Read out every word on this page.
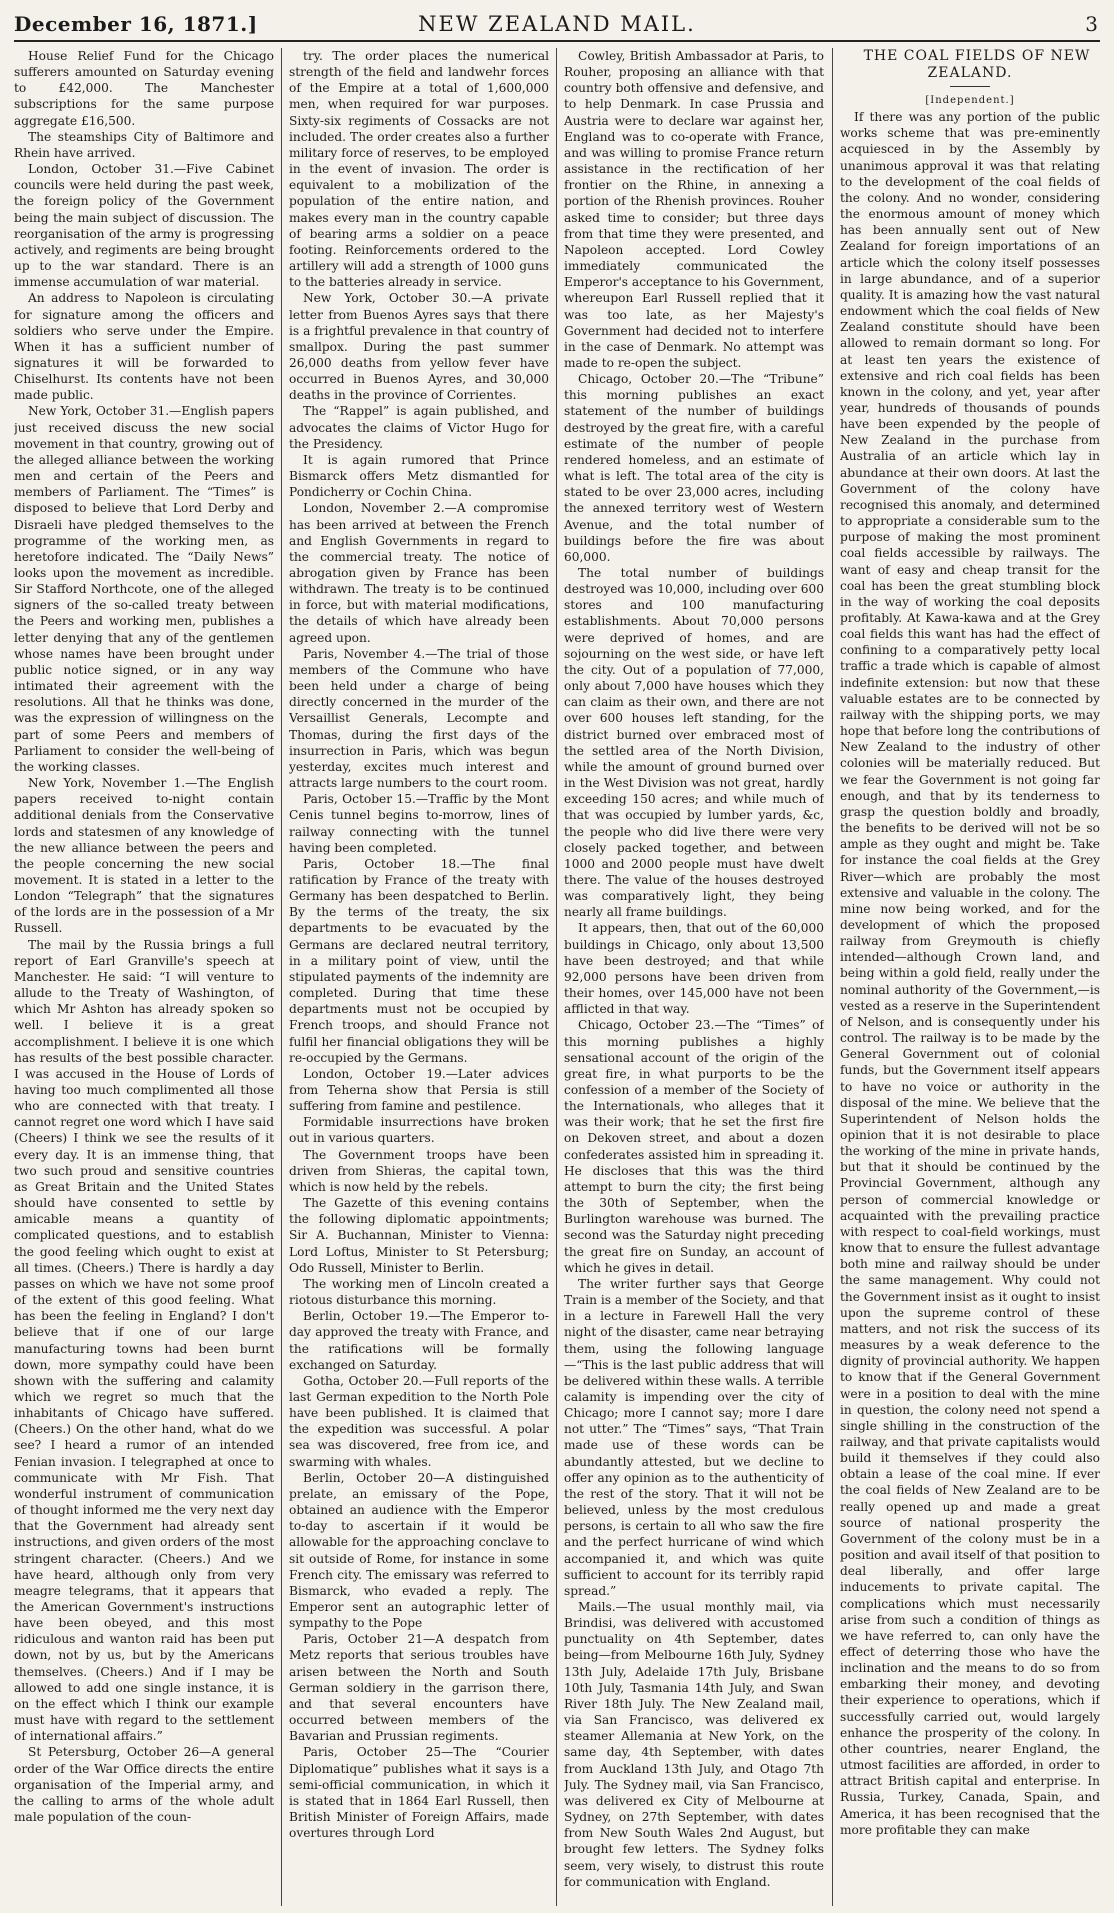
December 16, 1871.]	NEW ZEALAND MAIL.	3

House Relief Fund for the Chicago sufferers amounted on Saturday evening to £42,000. The Manchester subscriptions for the same purpose aggregate £16,500.

The steamships City of Baltimore and Rhein have arrived.

London, October 31.—Five Cabinet councils were held during the past week, the foreign policy of the Government being the main subject of discussion. The reorganisation of the army is progressing actively, and regiments are being brought up to the war standard. There is an immense accumulation of war material.

An address to Napoleon is circulating for signature among the officers and soldiers who serve under the Empire. When it has a sufficient number of signatures it will be forwarded to Chiselhurst. Its contents have not been made public.

New York, October 31.—English papers just received discuss the new social movement in that country, growing out of the alleged alliance between the working men and certain of the Peers and members of Parliament. The “Times” is disposed to believe that Lord Derby and Disraeli have pledged themselves to the programme of the working men, as heretofore indicated. The “Daily News” looks upon the movement as incredible. Sir Stafford Northcote, one of the alleged signers of the so-called treaty between the Peers and working men, publishes a letter denying that any of the gentlemen whose names have been brought under public notice signed, or in any way intimated their agreement with the resolutions. All that he thinks was done, was the expression of willingness on the part of some Peers and members of Parliament to consider the well-being of the working classes.

New York, November 1.—The English papers received to-night contain additional denials from the Conservative lords and statesmen of any knowledge of the new alliance between the peers and the people concerning the new social movement. It is stated in a letter to the London “Telegraph” that the signatures of the lords are in the possession of a Mr Russell.

The mail by the Russia brings a full report of Earl Granville's speech at Manchester. He said: “I will venture to allude to the Treaty of Washington, of which Mr Ashton has already spoken so well. I believe it is a great accomplishment. I believe it is one which has results of the best possible character. I was accused in the House of Lords of having too much complimented all those who are connected with that treaty. I cannot regret one word which I have said (Cheers) I think we see the results of it every day. It is an immense thing, that two such proud and sensitive countries as Great Britain and the United States should have consented to settle by amicable means a quantity of complicated questions, and to establish the good feeling which ought to exist at all times. (Cheers.) There is hardly a day passes on which we have not some proof of the extent of this good feeling. What has been the feeling in England? I don't believe that if one of our large manufacturing towns had been burnt down, more sympathy could have been shown with the suffering and calamity which we regret so much that the inhabitants of Chicago have suffered. (Cheers.) On the other hand, what do we see? I heard a rumor of an intended Fenian invasion. I telegraphed at once to communicate with Mr Fish. That wonderful instrument of communication of thought informed me the very next day that the Government had already sent instructions, and given orders of the most stringent character. (Cheers.) And we have heard, although only from very meagre telegrams, that it appears that the American Government's instructions have been obeyed, and this most ridiculous and wanton raid has been put down, not by us, but by the Americans themselves. (Cheers.) And if I may be allowed to add one single instance, it is on the effect which I think our example must have with regard to the settlement of international affairs.”

St Petersburg, October 26—A general order of the War Office directs the entire organisation of the Imperial army, and the calling to arms of the whole adult male population of the coun-

try. The order places the numerical strength of the field and landwehr forces of the Empire at a total of 1,600,000 men, when required for war purposes. Sixty-six regiments of Cossacks are not included. The order creates also a further military force of reserves, to be employed in the event of invasion. The order is equivalent to a mobilization of the population of the entire nation, and makes every man in the country capable of bearing arms a soldier on a peace footing. Reinforcements ordered to the artillery will add a strength of 1000 guns to the batteries already in service.

New York, October 30.—A private letter from Buenos Ayres says that there is a frightful prevalence in that country of smallpox. During the past summer 26,000 deaths from yellow fever have occurred in Buenos Ayres, and 30,000 deaths in the province of Corrientes.

The “Rappel” is again published, and advocates the claims of Victor Hugo for the Presidency.

It is again rumored that Prince Bismarck offers Metz dismantled for Pondicherry or Cochin China.

London, November 2.—A compromise has been arrived at between the French and English Governments in regard to the commercial treaty. The notice of abrogation given by France has been withdrawn. The treaty is to be continued in force, but with material modifications, the details of which have already been agreed upon.

Paris, November 4.—The trial of those members of the Commune who have been held under a charge of being directly concerned in the murder of the Versaillist Generals, Lecompte and Thomas, during the first days of the insurrection in Paris, which was begun yesterday, excites much interest and attracts large numbers to the court room.

Paris, October 15.—Traffic by the Mont Cenis tunnel begins to-morrow, lines of railway connecting with the tunnel having been completed.

Paris, October 18.—The final ratification by France of the treaty with Germany has been despatched to Berlin. By the terms of the treaty, the six departments to be evacuated by the Germans are declared neutral territory, in a military point of view, until the stipulated payments of the indemnity are completed. During that time these departments must not be occupied by French troops, and should France not fulfil her financial obligations they will be re-occupied by the Germans.

London, October 19.—Later advices from Teherna show that Persia is still suffering from famine and pestilence.

Formidable insurrections have broken out in various quarters.

The Government troops have been driven from Shieras, the capital town, which is now held by the rebels.

The Gazette of this evening contains the following diplomatic appointments; Sir A. Buchannan, Minister to Vienna: Lord Loftus, Minister to St Petersburg; Odo Russell, Minister to Berlin.

The working men of Lincoln created a riotous disturbance this morning.

Berlin, October 19.—The Emperor to-day approved the treaty with France, and the ratifications will be formally exchanged on Saturday.

Gotha, October 20.—Full reports of the last German expedition to the North Pole have been published. It is claimed that the expedition was successful. A polar sea was discovered, free from ice, and swarming with whales.

Berlin, October 20—A distinguished prelate, an emissary of the Pope, obtained an audience with the Emperor to-day to ascertain if it would be allowable for the approaching conclave to sit outside of Rome, for instance in some French city. The emissary was referred to Bismarck, who evaded a reply. The Emperor sent an autographic letter of sympathy to the Pope

Paris, October 21—A despatch from Metz reports that serious troubles have arisen between the North and South German soldiery in the garrison there, and that several encounters have occurred between members of the Bavarian and Prussian regiments.

Paris, October 25—The “Courier Diplomatique” publishes what it says is a semi-official communication, in which it is stated that in 1864 Earl Russell, then British Minister of Foreign Affairs, made overtures through Lord

Cowley, British Ambassador at Paris, to Rouher, proposing an alliance with that country both offensive and defensive, and to help Denmark. In case Prussia and Austria were to declare war against her, England was to co-operate with France, and was willing to promise France return assistance in the rectification of her frontier on the Rhine, in annexing a portion of the Rhenish provinces. Rouher asked time to consider; but three days from that time they were presented, and Napoleon accepted. Lord Cowley immediately communicated the Emperor's acceptance to his Government, whereupon Earl Russell replied that it was too late, as her Majesty's Government had decided not to interfere in the case of Denmark. No attempt was made to re-open the subject.

Chicago, October 20.—The “Tribune” this morning publishes an exact statement of the number of buildings destroyed by the great fire, with a careful estimate of the number of people rendered homeless, and an estimate of what is left. The total area of the city is stated to be over 23,000 acres, including the annexed territory west of Western Avenue, and the total number of buildings before the fire was about 60,000.

The total number of buildings destroyed was 10,000, including over 600 stores and 100 manufacturing establishments. About 70,000 persons were deprived of homes, and are sojourning on the west side, or have left the city. Out of a population of 77,000, only about 7,000 have houses which they can claim as their own, and there are not over 600 houses left standing, for the district burned over embraced most of the settled area of the North Division, while the amount of ground burned over in the West Division was not great, hardly exceeding 150 acres; and while much of that was occupied by lumber yards, &c, the people who did live there were very closely packed together, and between 1000 and 2000 people must have dwelt there. The value of the houses destroyed was comparatively light, they being nearly all frame buildings.

It appears, then, that out of the 60,000 buildings in Chicago, only about 13,500 have been destroyed; and that while 92,000 persons have been driven from their homes, over 145,000 have not been afflicted in that way.

Chicago, October 23.—The “Times” of this morning publishes a highly sensational account of the origin of the great fire, in what purports to be the confession of a member of the Society of the Internationals, who alleges that it was their work; that he set the first fire on Dekoven street, and about a dozen confederates assisted him in spreading it. He discloses that this was the third attempt to burn the city; the first being the 30th of September, when the Burlington warehouse was burned. The second was the Saturday night preceding the great fire on Sunday, an account of which he gives in detail.

The writer further says that George Train is a member of the Society, and that in a lecture in Farewell Hall the very night of the disaster, came near betraying them, using the following language—“This is the last public address that will be delivered within these walls. A terrible calamity is impending over the city of Chicago; more I cannot say; more I dare not utter.” The “Times” says, “That Train made use of these words can be abundantly attested, but we decline to offer any opinion as to the authenticity of the rest of the story. That it will not be believed, unless by the most credulous persons, is certain to all who saw the fire and the perfect hurricane of wind which accompanied it, and which was quite sufficient to account for its terribly rapid spread.”

Mails.—The usual monthly mail, via Brindisi, was delivered with accustomed punctuality on 4th September, dates being—from Melbourne 16th July, Sydney 13th July, Adelaide 17th July, Brisbane 10th July, Tasmania 14th July, and Swan River 18th July. The New Zealand mail, via San Francisco, was delivered ex steamer Allemania at New York, on the same day, 4th September, with dates from Auckland 13th July, and Otago 7th July. The Sydney mail, via San Francisco, was delivered ex City of Melbourne at Sydney, on 27th September, with dates from New South Wales 2nd August, but brought few letters. The Sydney folks seem, very wisely, to distrust this route for communication with England.

THE COAL FIELDS OF NEW ZEALAND.

[Independent.]

If there was any portion of the public works scheme that was pre-eminently acquiesced in by the Assembly by unanimous approval it was that relating to the development of the coal fields of the colony. And no wonder, considering the enormous amount of money which has been annually sent out of New Zealand for foreign importations of an article which the colony itself possesses in large abundance, and of a superior quality. It is amazing how the vast natural endowment which the coal fields of New Zealand constitute should have been allowed to remain dormant so long. For at least ten years the existence of extensive and rich coal fields has been known in the colony, and yet, year after year, hundreds of thousands of pounds have been expended by the people of New Zealand in the purchase from Australia of an article which lay in abundance at their own doors. At last the Government of the colony have recognised this anomaly, and determined to appropriate a considerable sum to the purpose of making the most prominent coal fields accessible by railways. The want of easy and cheap transit for the coal has been the great stumbling block in the way of working the coal deposits profitably. At Kawa-kawa and at the Grey coal fields this want has had the effect of confining to a comparatively petty local traffic a trade which is capable of almost indefinite extension: but now that these valuable estates are to be connected by railway with the shipping ports, we may hope that before long the contributions of New Zealand to the industry of other colonies will be materially reduced. But we fear the Government is not going far enough, and that by its tenderness to grasp the question boldly and broadly, the benefits to be derived will not be so ample as they ought and might be. Take for instance the coal fields at the Grey River—which are probably the most extensive and valuable in the colony. The mine now being worked, and for the development of which the proposed railway from Greymouth is chiefly intended—although Crown land, and being within a gold field, really under the nominal authority of the Government,—is vested as a reserve in the Superintendent of Nelson, and is consequently under his control. The railway is to be made by the General Government out of colonial funds, but the Government itself appears to have no voice or authority in the disposal of the mine. We believe that the Superintendent of Nelson holds the opinion that it is not desirable to place the working of the mine in private hands, but that it should be continued by the Provincial Government, although any person of commercial knowledge or acquainted with the prevailing practice with respect to coal-field workings, must know that to ensure the fullest advantage both mine and railway should be under the same management. Why could not the Government insist as it ought to insist upon the supreme control of these matters, and not risk the success of its measures by a weak deference to the dignity of provincial authority. We happen to know that if the General Government were in a position to deal with the mine in question, the colony need not spend a single shilling in the construction of the railway, and that private capitalists would build it themselves if they could also obtain a lease of the coal mine. If ever the coal fields of New Zealand are to be really opened up and made a great source of national prosperity the Government of the colony must be in a position and avail itself of that position to deal liberally, and offer large inducements to private capital. The complications which must necessarily arise from such a condition of things as we have referred to, can only have the effect of deterring those who have the inclination and the means to do so from embarking their money, and devoting their experience to operations, which if successfully carried out, would largely enhance the prosperity of the colony. In other countries, nearer England, the utmost facilities are afforded, in order to attract British capital and enterprise. In Russia, Turkey, Canada, Spain, and America, it has been recognised that the more profitable they can make
